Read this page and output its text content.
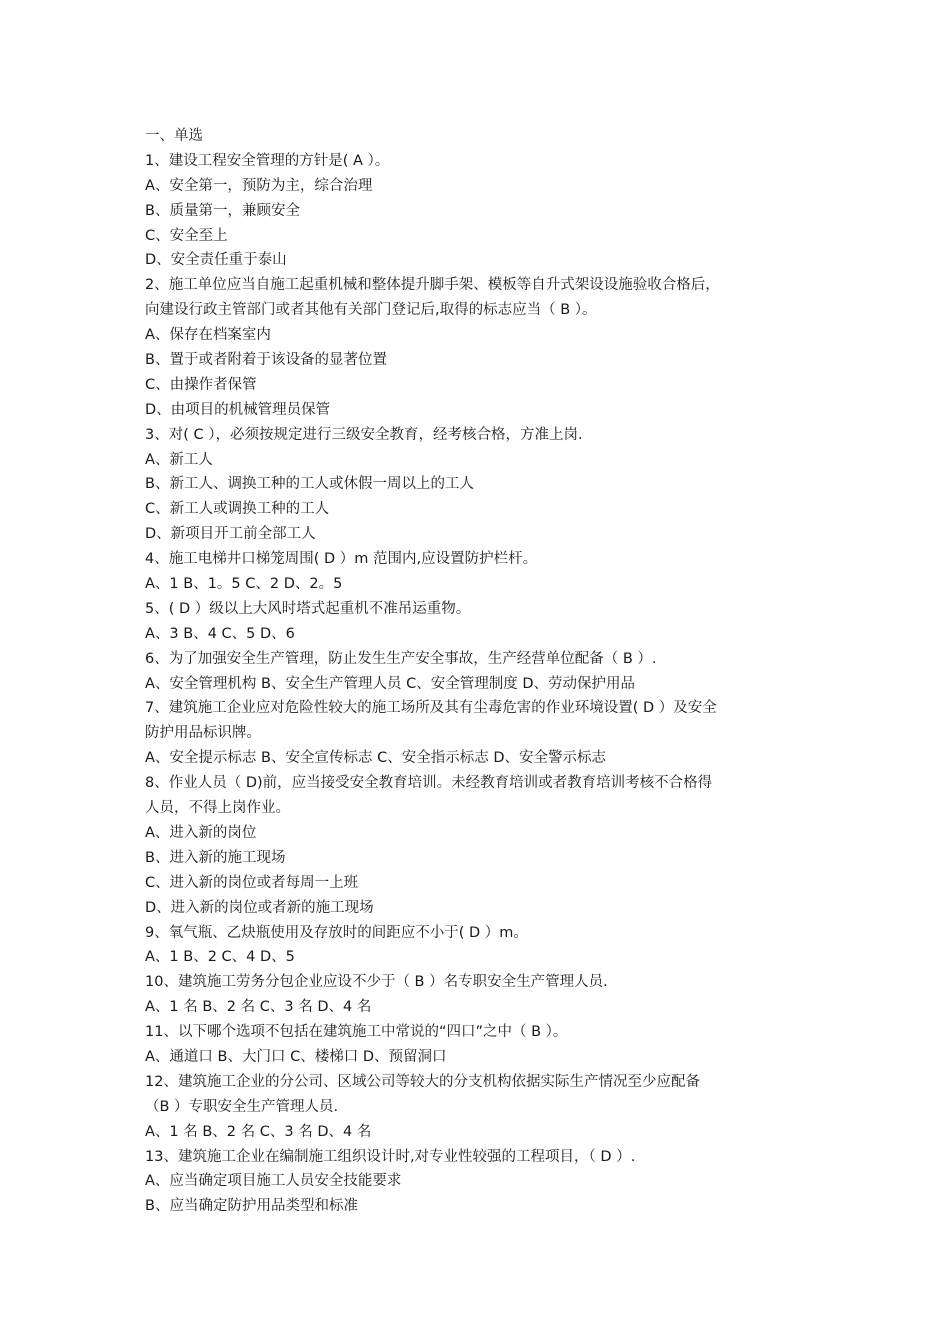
一、单选
1、建设工程安全管理的方针是( A ）。
A、安全第一，预防为主，综合治理
B、质量第一，兼顾安全
C、安全至上
D、安全责任重于泰山
2、施工单位应当自施工起重机械和整体提升脚手架、模板等自升式架设设施验收合格后，
向建设行政主管部门或者其他有关部门登记后,取得的标志应当（ B ）。
A、保存在档案室内
B、置于或者附着于该设备的显著位置
C、由操作者保管
D、由项目的机械管理员保管
3、对( C ），必须按规定进行三级安全教育，经考核合格，方准上岗.
A、新工人
B、新工人、调换工种的工人或休假一周以上的工人
C、新工人或调换工种的工人
D、新项目开工前全部工人
4、施工电梯井口梯笼周围( D ）m 范围内,应设置防护栏杆。
A、1 B、1。5 C、2 D、2。5
5、( D ）级以上大风时塔式起重机不准吊运重物。
A、3 B、4 C、5 D、6
6、为了加强安全生产管理，防止发生生产安全事故，生产经营单位配备（ B ）.
A、安全管理机构 B、安全生产管理人员 C、安全管理制度 D、劳动保护用品
7、建筑施工企业应对危险性较大的施工场所及其有尘毒危害的作业环境设置( D ）及安全
防护用品标识牌。
A、安全提示标志 B、安全宣传标志 C、安全指示标志 D、安全警示标志
8、作业人员（ D)前，应当接受安全教育培训。未经教育培训或者教育培训考核不合格得
人员，不得上岗作业。
A、进入新的岗位
B、进入新的施工现场
C、进入新的岗位或者每周一上班
D、进入新的岗位或者新的施工现场
9、氧气瓶、乙炔瓶使用及存放时的间距应不小于( D ）m。
A、1 B、2 C、4 D、5
10、建筑施工劳务分包企业应设不少于（ B ）名专职安全生产管理人员.
A、1 名 B、2 名 C、3 名 D、4 名
11、以下哪个选项不包括在建筑施工中常说的“四口”之中（ B ）。
A、通道口 B、大门口 C、楼梯口 D、预留洞口
12、建筑施工企业的分公司、区域公司等较大的分支机构依据实际生产情况至少应配备
（B ）专职安全生产管理人员.
A、1 名 B、2 名 C、3 名 D、4 名
13、建筑施工企业在编制施工组织设计时,对专业性较强的工程项目，（ D ）.
A、应当确定项目施工人员安全技能要求
B、应当确定防护用品类型和标准
